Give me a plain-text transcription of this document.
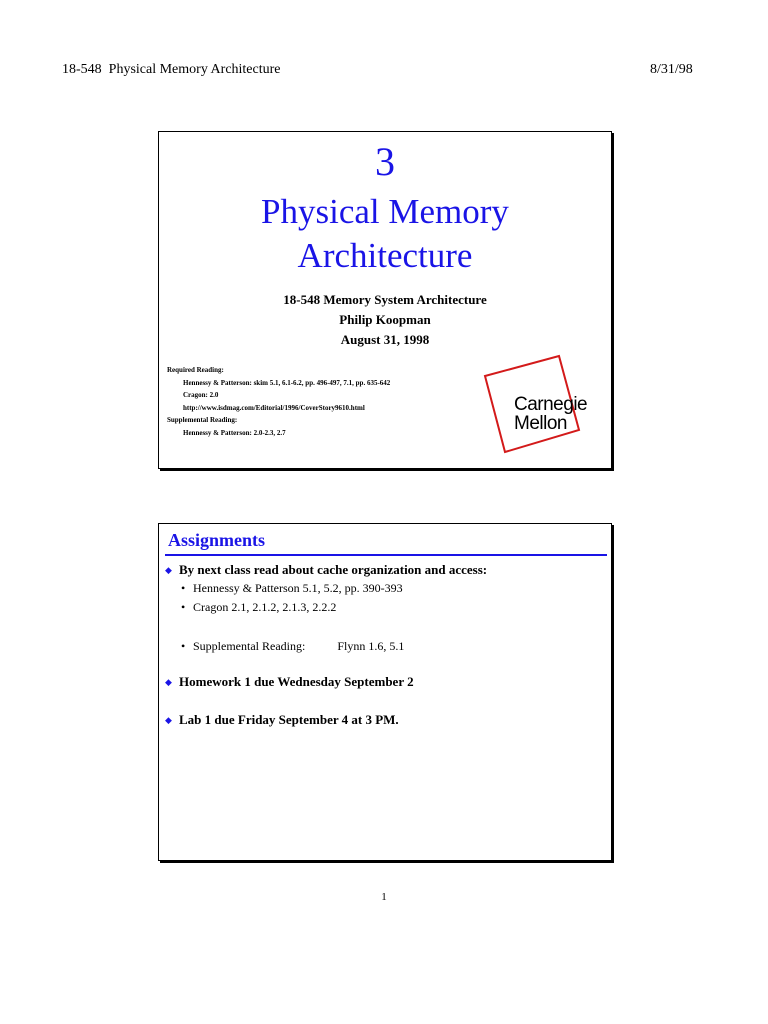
18-548  Physical Memory Architecture	8/31/98
3
Physical Memory
Architecture
18-548 Memory System Architecture
Philip Koopman
August 31, 1998
Required Reading:
Hennessy & Patterson: skim 5.1, 6.1-6.2, pp. 496-497, 7.1, pp. 635-642
Cragon: 2.0
http://www.isdmag.com/Editorial/1996/CoverStory9610.html
Supplemental Reading:
Hennessy & Patterson: 2.0-2.3, 2.7
Carnegie
Mellon
Assignments
◆ By next class read about cache organization and access:
• Hennessy & Patterson 5.1, 5.2, pp. 390-393
• Cragon 2.1, 2.1.2, 2.1.3, 2.2.2
• Supplemental Reading:	Flynn 1.6, 5.1
◆ Homework 1 due Wednesday September 2
◆ Lab 1 due Friday September 4 at 3 PM.
1
